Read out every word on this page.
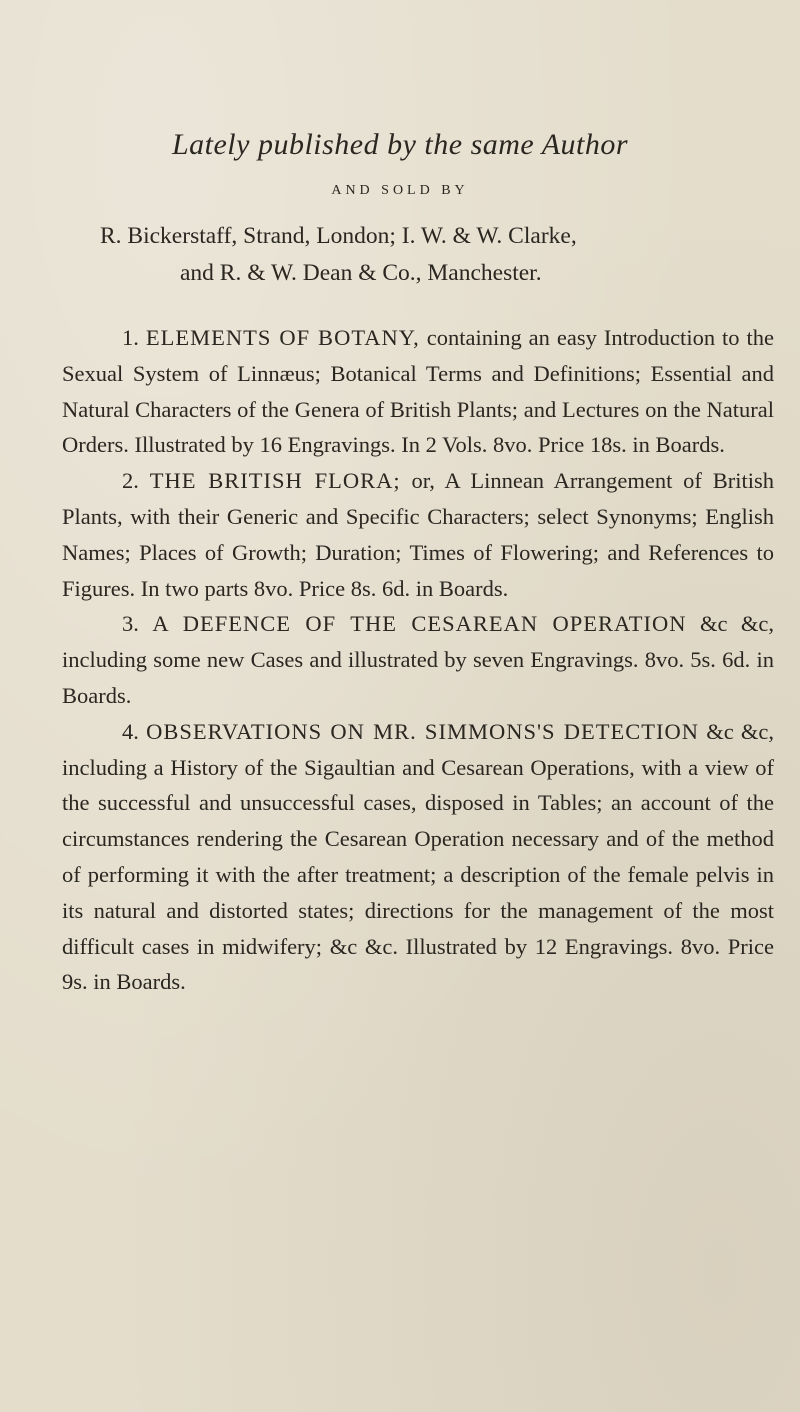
Lately published by the same Author
AND SOLD BY
R. Bickerstaff, Strand, London; I. W. & W. Clarke,
and R. & W. Dean & Co., Manchester.

1. ELEMENTS OF BOTANY, containing an easy Introduction to the Sexual System of Linnæus; Botanical Terms and Definitions; Essential and Natural Characters of the Genera of British Plants; and Lectures on the Natural Orders. Illustrated by 16 Engravings. In 2 Vols. 8vo. Price 18s. in Boards.

2. THE BRITISH FLORA; or, A Linnean Arrangement of British Plants, with their Generic and Specific Characters; select Synonyms; English Names; Places of Growth; Duration; Times of Flowering; and References to Figures. In two parts 8vo. Price 8s. 6d. in Boards.

3. A DEFENCE OF THE CESAREAN OPERATION &c &c, including some new Cases and illustrated by seven Engravings. 8vo. 5s. 6d. in Boards.

4. OBSERVATIONS ON MR. SIMMONS'S DETECTION &c &c, including a History of the Sigaultian and Cesarean Operations, with a view of the successful and unsuccessful cases, disposed in Tables; an account of the circumstances rendering the Cesarean Operation necessary and of the method of performing it with the after treatment; a description of the female pelvis in its natural and distorted states; directions for the management of the most difficult cases in midwifery; &c &c. Illustrated by 12 Engravings. 8vo. Price 9s. in Boards.
